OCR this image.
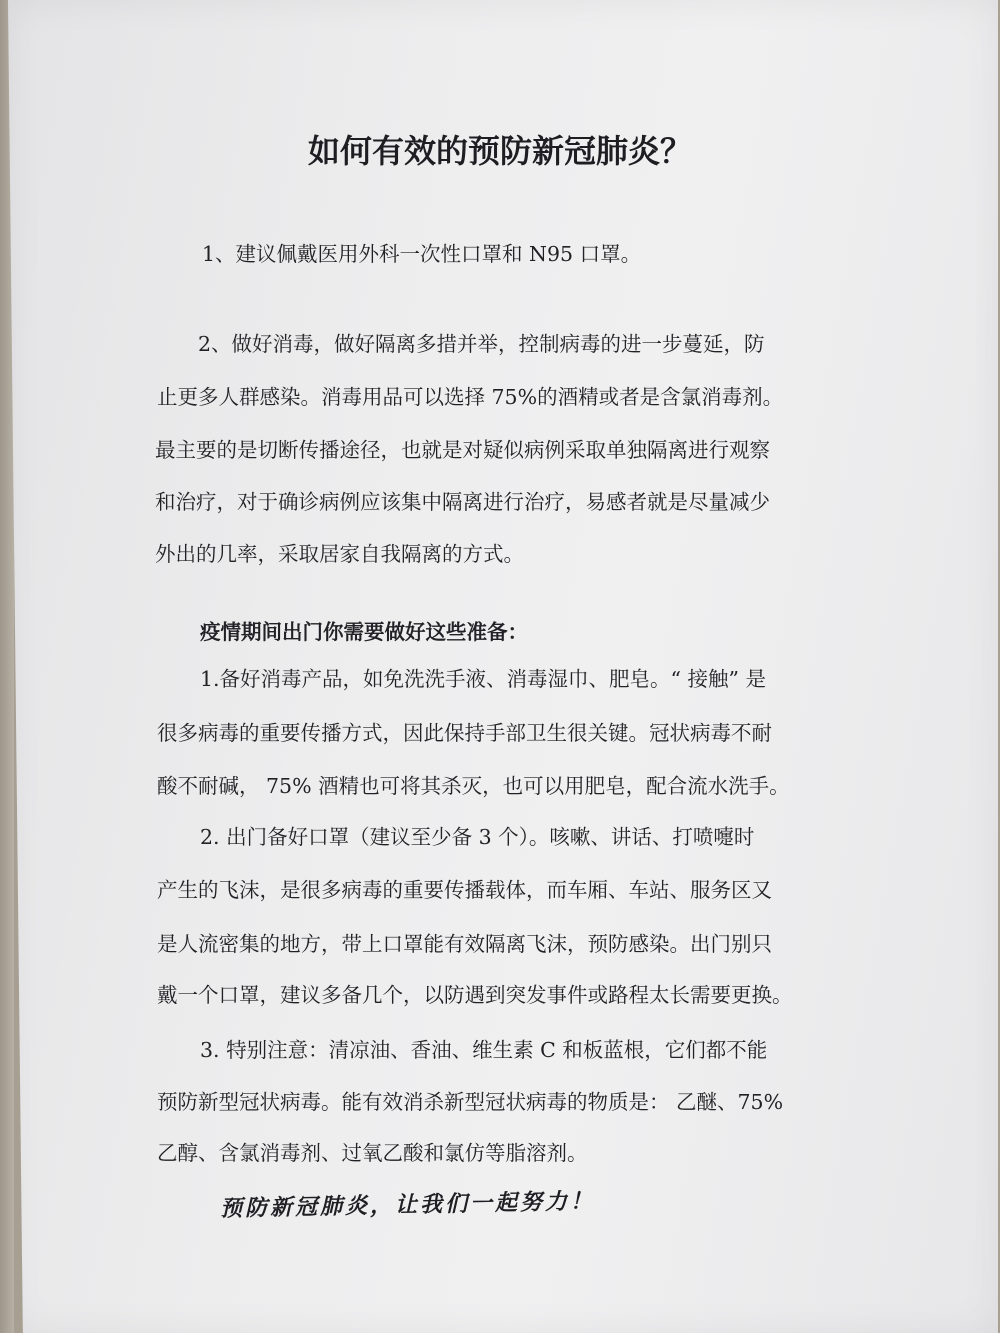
如何有效的预防新冠肺炎？

1、建议佩戴医用外科一次性口罩和 N95 口罩。

2、做好消毒，做好隔离多措并举，控制病毒的进一步蔓延，防

止更多人群感染。消毒用品可以选择 75%的酒精或者是含氯消毒剂。

最主要的是切断传播途径，也就是对疑似病例采取单独隔离进行观察

和治疗，对于确诊病例应该集中隔离进行治疗，易感者就是尽量减少

外出的几率，采取居家自我隔离的方式。

疫情期间出门你需要做好这些准备：

1.备好消毒产品，如免洗洗手液、消毒湿巾、肥皂。“ 接触” 是

很多病毒的重要传播方式，因此保持手部卫生很关键。冠状病毒不耐

酸不耐碱， 75% 酒精也可将其杀灭，也可以用肥皂，配合流水洗手。

2. 出门备好口罩（建议至少备 3 个）。咳嗽、讲话、打喷嚏时

产生的飞沫，是很多病毒的重要传播载体，而车厢、车站、服务区又

是人流密集的地方，带上口罩能有效隔离飞沫，预防感染。出门别只

戴一个口罩，建议多备几个，以防遇到突发事件或路程太长需要更换。

3. 特别注意：清凉油、香油、维生素 C 和板蓝根，它们都不能

预防新型冠状病毒。能有效消杀新型冠状病毒的物质是： 乙醚、75%

乙醇、含氯消毒剂、过氧乙酸和氯仿等脂溶剂。

预防新冠肺炎，让我们一起努力！
